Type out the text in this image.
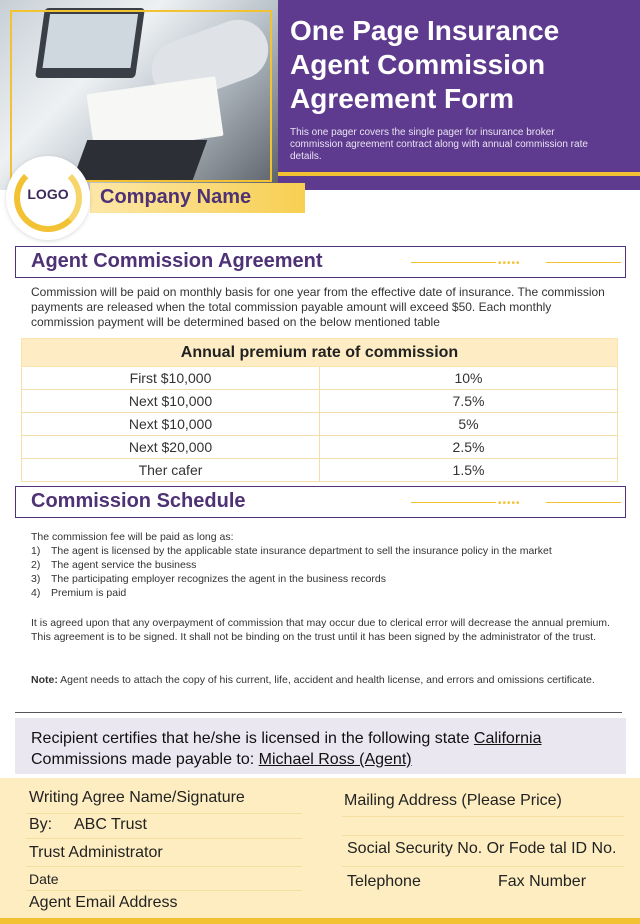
One Page Insurance Agent Commission Agreement Form

This one pager covers the single pager for insurance broker commission agreement contract along with annual commission rate details.

Company Name
LOGO
Agent Commission Agreement	•••••
Commission will be paid on monthly basis for one year from the effective date of insurance. The commission payments are released when the total commission payable amount will exceed $50. Each monthly commission payment will be determined based on the below mentioned table
Annual premium rate of commission	
First $10,000	10%
Next $10,000	7.5%
Next $10,000	5%
Next $20,000	2.5%
Ther cafer	1.5%
Commission Schedule	•••••
The commission fee will be paid as long as:
1) The agent is licensed by the applicable state insurance department to sell the insurance policy in the market
2) The agent service the business
3) The participating employer recognizes the agent in the business records
4) Premium is paid
It is agreed upon that any overpayment of commission that may occur due to clerical error will decrease the annual premium. This agreement is to be signed. It shall not be binding on the trust until it has been signed by the administrator of the trust.
Note: Agent needs to attach the copy of his current, life, accident and health license, and errors and omissions certificate.
Recipient certifies that he/she is licensed in the following state California
Commissions made payable to: Michael Ross (Agent)
Writing Agree Name/Signature
By: ABC Trust
Trust Administrator
Date
Agent Email Address
Mailing Address (Please Price)
Social Security No. Or Fode tal ID No.
Telephone	Fax Number
